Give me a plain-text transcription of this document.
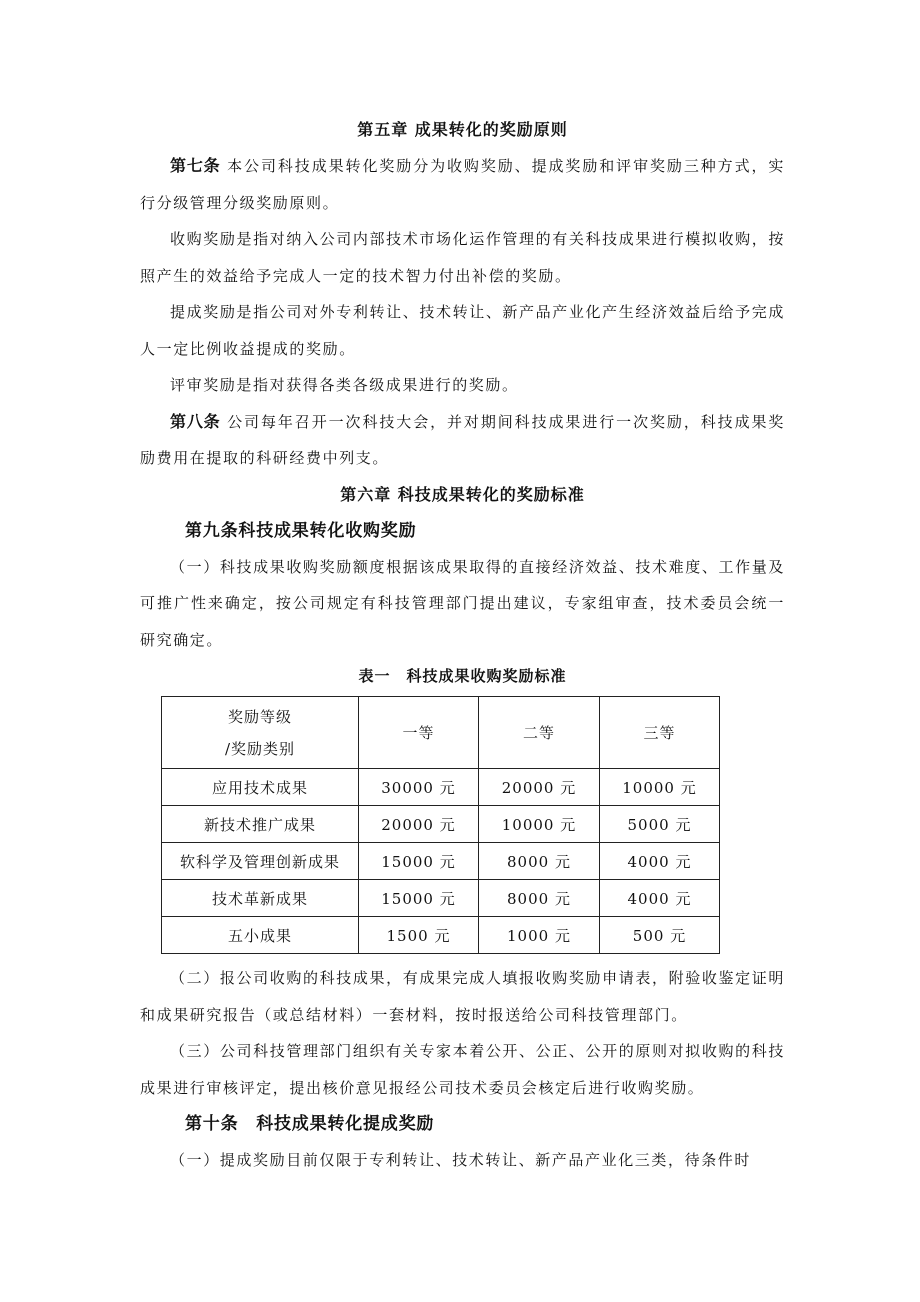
第五章 成果转化的奖励原则

第七条 本公司科技成果转化奖励分为收购奖励、提成奖励和评审奖励三种方式，实行分级管理分级奖励原则。

收购奖励是指对纳入公司内部技术市场化运作管理的有关科技成果进行模拟收购，按照产生的效益给予完成人一定的技术智力付出补偿的奖励。

提成奖励是指公司对外专利转让、技术转让、新产品产业化产生经济效益后给予完成人一定比例收益提成的奖励。

评审奖励是指对获得各类各级成果进行的奖励。

第八条 公司每年召开一次科技大会，并对期间科技成果进行一次奖励，科技成果奖励费用在提取的科研经费中列支。

第六章 科技成果转化的奖励标准

第九条科技成果转化收购奖励

（一）科技成果收购奖励额度根据该成果取得的直接经济效益、技术难度、工作量及可推广性来确定，按公司规定有科技管理部门提出建议，专家组审查，技术委员会统一研究确定。

表一　科技成果收购奖励标准

奖励等级
/奖励类别	一等	二等	三等
应用技术成果	30000 元	20000 元	10000 元
新技术推广成果	20000 元	10000 元	5000 元
软科学及管理创新成果	15000 元	8000 元	4000 元
技术革新成果	15000 元	8000 元	4000 元
五小成果	1500 元	1000 元	500 元

（二）报公司收购的科技成果，有成果完成人填报收购奖励申请表，附验收鉴定证明和成果研究报告（或总结材料）一套材料，按时报送给公司科技管理部门。

（三）公司科技管理部门组织有关专家本着公开、公正、公开的原则对拟收购的科技成果进行审核评定，提出核价意见报经公司技术委员会核定后进行收购奖励。

第十条　科技成果转化提成奖励

（一）提成奖励目前仅限于专利转让、技术转让、新产品产业化三类，待条件时
